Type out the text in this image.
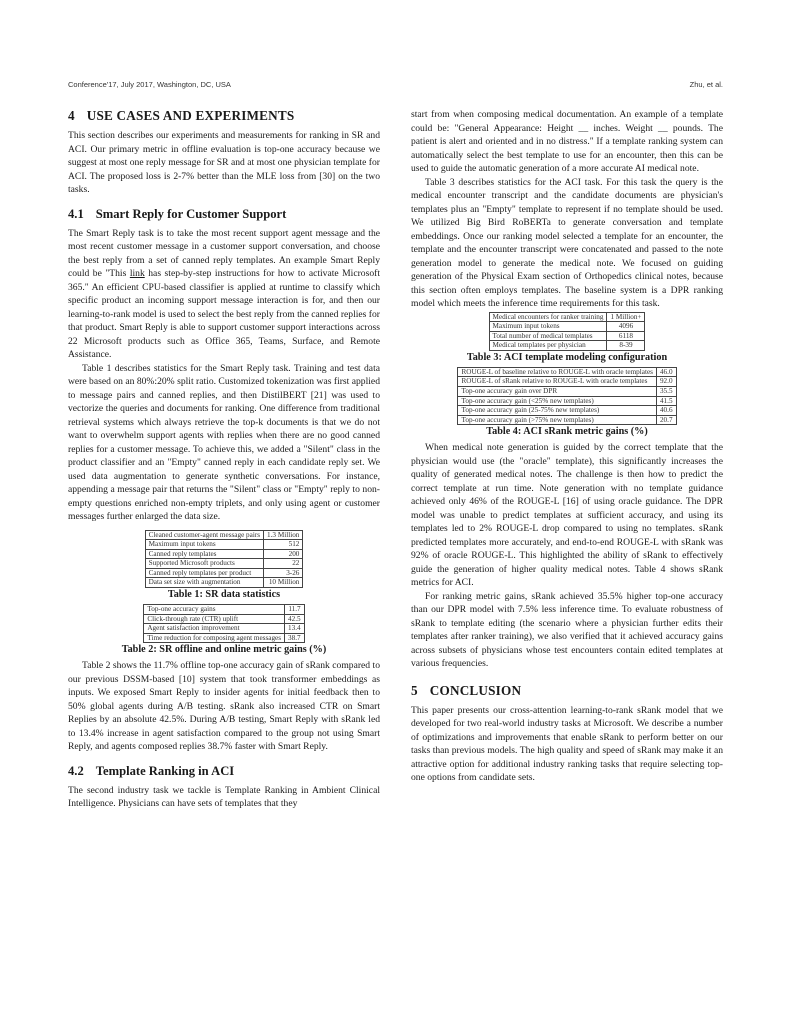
Conference'17, July 2017, Washington, DC, USA	Zhu, et al.
4 USE CASES AND EXPERIMENTS

This section describes our experiments and measurements for ranking in SR and ACI. Our primary metric in offline evaluation is top-one accuracy because we suggest at most one reply message for SR and at most one physician template for ACI. The proposed loss is 2-7% better than the MLE loss from [30] on the two tasks.

4.1 Smart Reply for Customer Support

The Smart Reply task is to take the most recent support agent message and the most recent customer message in a customer support conversation, and choose the best reply from a set of canned reply templates. An example Smart Reply could be "This link has step-by-step instructions for how to activate Microsoft 365." An efficient CPU-based classifier is applied at runtime to classify which specific product an incoming support message interaction is for, and then our learning-to-rank model is used to select the best reply from the canned replies for that product. Smart Reply is able to support customer support interactions across 22 Microsoft products such as Office 365, Teams, Surface, and Remote Assistance.

Table 1 describes statistics for the Smart Reply task. Training and test data were based on an 80%:20% split ratio. Customized tokenization was first applied to message pairs and canned replies, and then DistilBERT [21] was used to vectorize the queries and documents for ranking. One difference from traditional retrieval systems which always retrieve the top-k documents is that we do not want to overwhelm support agents with replies when there are no good canned replies for a customer message. To achieve this, we added a "Silent" class in the product classifier and an "Empty" canned reply in each candidate reply set. We used data augmentation to generate synthetic conversations. For instance, appending a message pair that returns the "Silent" class or "Empty" reply to non-empty questions enriched non-empty triplets, and only using agent or customer messages further enlarged the data size.

Cleaned customer-agent message pairs	1.3 Million
Maximum input tokens	512
Canned reply templates	200
Supported Microsoft products	22
Canned reply templates per product	3-26
Data set size with augmentation	10 Million
Table 1: SR data statistics
Top-one accuracy gains	11.7
Click-through rate (CTR) uplift	42.5
Agent satisfaction improvement	13.4
Time reduction for composing agent messages	38.7
Table 2: SR offline and online metric gains (%)

Table 2 shows the 11.7% offline top-one accuracy gain of sRank compared to our previous DSSM-based [10] system that took transformer embeddings as inputs. We exposed Smart Reply to insider agents for initial feedback then to 50% global agents during A/B testing. sRank also increased CTR on Smart Replies by an absolute 42.5%. During A/B testing, Smart Reply with sRank led to 13.4% increase in agent satisfaction compared to the group not using Smart Reply, and agents composed replies 38.7% faster with Smart Reply.

4.2 Template Ranking in ACI

The second industry task we tackle is Template Ranking in Ambient Clinical Intelligence. Physicians can have sets of templates that they

start from when composing medical documentation. An example of a template could be: "General Appearance: Height __ inches. Weight __ pounds. The patient is alert and oriented and in no distress." If a template ranking system can automatically select the best template to use for an encounter, then this can be used to guide the automatic generation of a more accurate AI medical note.

Table 3 describes statistics for the ACI task. For this task the query is the medical encounter transcript and the candidate documents are physician's templates plus an "Empty" template to represent if no template should be used. We utilized Big Bird RoBERTa to generate conversation and template embeddings. Once our ranking model selected a template for an encounter, the template and the encounter transcript were concatenated and passed to the note generation model to generate the medical note. We focused on guiding generation of the Physical Exam section of Orthopedics clinical notes, because this section often employs templates. The baseline system is a DPR ranking model which meets the inference time requirements for this task.

Medical encounters for ranker training	1 Million+
Maximum input tokens	4096
Total number of medical templates	6118
Medical templates per physician	8-39
Table 3: ACI template modeling configuration
ROUGE-L of baseline relative to ROUGE-L with oracle templates	46.0
ROUGE-L of sRank relative to ROUGE-L with oracle templates	92.0
Top-one accuracy gain over DPR	35.5
Top-one accuracy gain (<25% new templates)	41.5
Top-one accuracy gain (25-75% new templates)	40.6
Top-one accuracy gain (>75% new templates)	20.7
Table 4: ACI sRank metric gains (%)

When medical note generation is guided by the correct template that the physician would use (the "oracle" template), this significantly increases the quality of generated medical notes. The challenge is then how to predict the correct template at run time. Note generation with no template guidance achieved only 46% of the ROUGE-L [16] of using oracle guidance. The DPR model was unable to predict templates at sufficient accuracy, and using its templates led to 2% ROUGE-L drop compared to using no templates. sRank predicted templates more accurately, and end-to-end ROUGE-L with sRank was 92% of oracle ROUGE-L. This highlighted the ability of sRank to effectively guide the generation of higher quality medical notes. Table 4 shows sRank metrics for ACI.

For ranking metric gains, sRank achieved 35.5% higher top-one accuracy than our DPR model with 7.5% less inference time. To evaluate robustness of sRank to template editing (the scenario where a physician further edits their templates after ranker training), we also verified that it achieved accuracy gains across subsets of physicians whose test encounters contain edited templates at various frequencies.

5 CONCLUSION

This paper presents our cross-attention learning-to-rank sRank model that we developed for two real-world industry tasks at Microsoft. We describe a number of optimizations and improvements that enable sRank to perform better on our tasks than previous models. The high quality and speed of sRank may make it an attractive option for additional industry ranking tasks that require selecting top-one options from candidate sets.
